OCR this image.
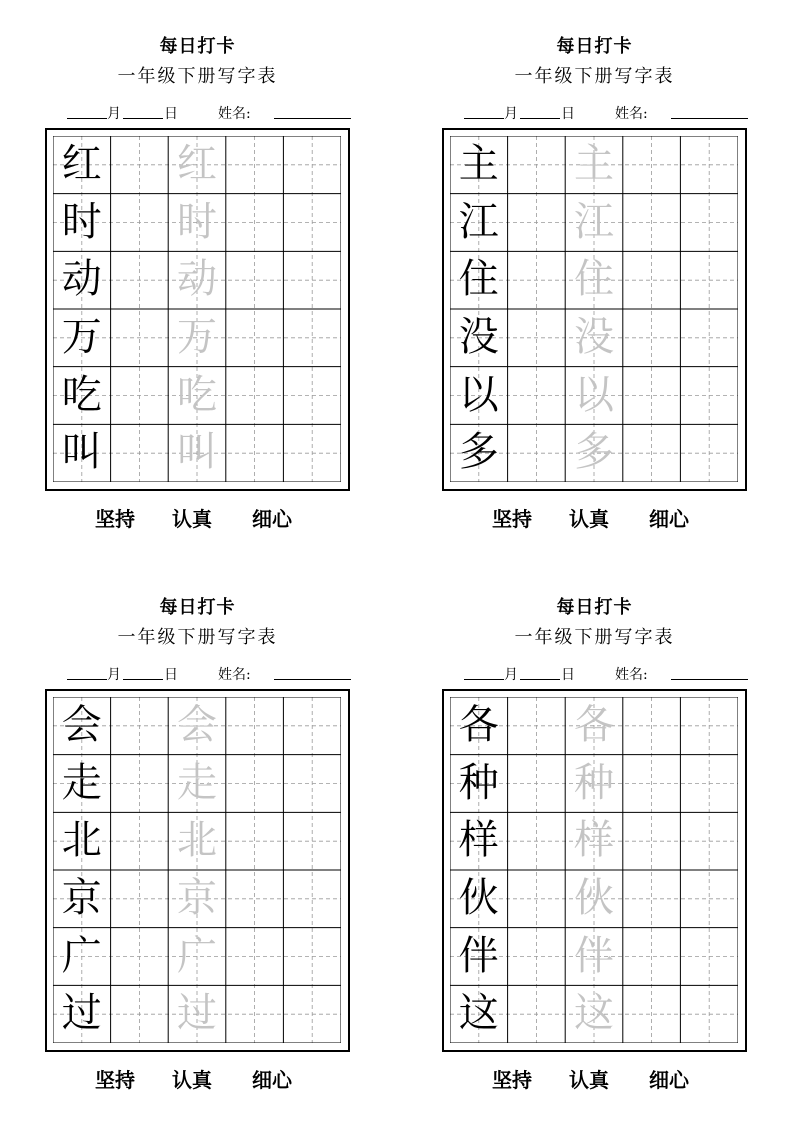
每日打卡
一年级下册写字表
月	日	姓名:
红 红
时 时
动 动
万 万
吃 吃
叫 叫
坚持 认真 细心
每日打卡
一年级下册写字表
月	日	姓名:
主 主
江 江
住 住
没 没
以 以
多 多
坚持 认真 细心
每日打卡
一年级下册写字表
月	日	姓名:
会 会
走 走
北 北
京 京
广 广
过 过
坚持 认真 细心
每日打卡
一年级下册写字表
月	日	姓名:
各 各
种 种
样 样
伙 伙
伴 伴
这 这
坚持 认真 细心
